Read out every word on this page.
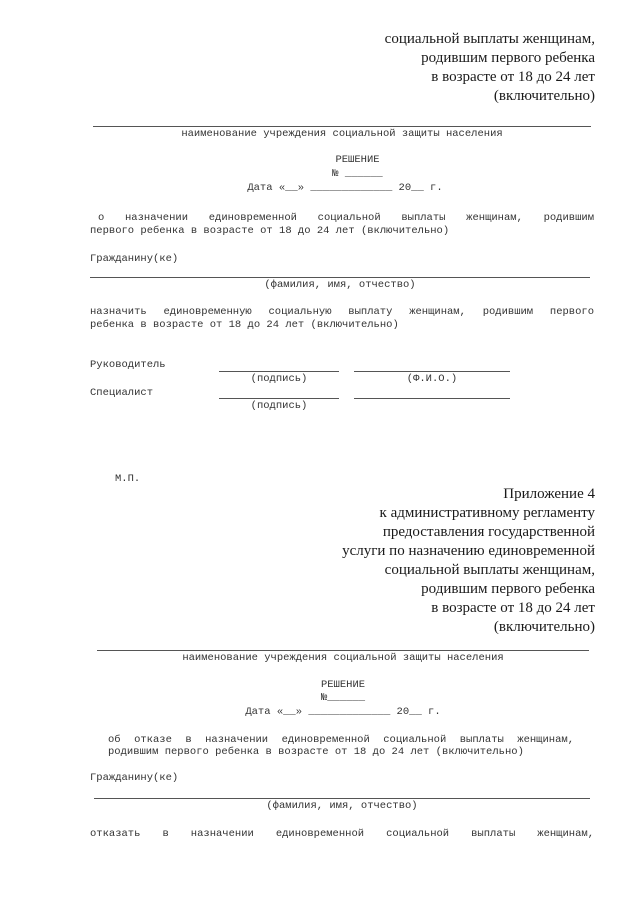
социальной выплаты женщинам,
родившим первого ребенка
в возрасте от 18 до 24 лет
(включительно)
наименование учреждения социальной защиты населения
РЕШЕНИЕ
№ ______
Дата «__» _____________ 20__ г.
о назначении единовременной социальной выплаты женщинам, родившим
первого ребенка в возрасте от 18 до 24 лет (включительно)
Гражданину(ке)
(фамилия, имя, отчество)
назначить единовременную социальную выплату женщинам, родившим первого
ребенка в возрасте от 18 до 24 лет (включительно)
Руководитель
(подпись)	(Ф.И.О.)
Специалист
(подпись)
М.П.
Приложение 4
к административному регламенту
предоставления государственной
услуги по назначению единовременной
социальной выплаты женщинам,
родившим первого ребенка
в возрасте от 18 до 24 лет
(включительно)
наименование учреждения социальной защиты населения
РЕШЕНИЕ
№______
Дата «__» _____________ 20__ г.
об отказе в назначении единовременной социальной выплаты женщинам,
родившим первого ребенка в возрасте от 18 до 24 лет (включительно)
Гражданину(ке)
(фамилия, имя, отчество)
отказать в назначении единовременной социальной выплаты женщинам,
